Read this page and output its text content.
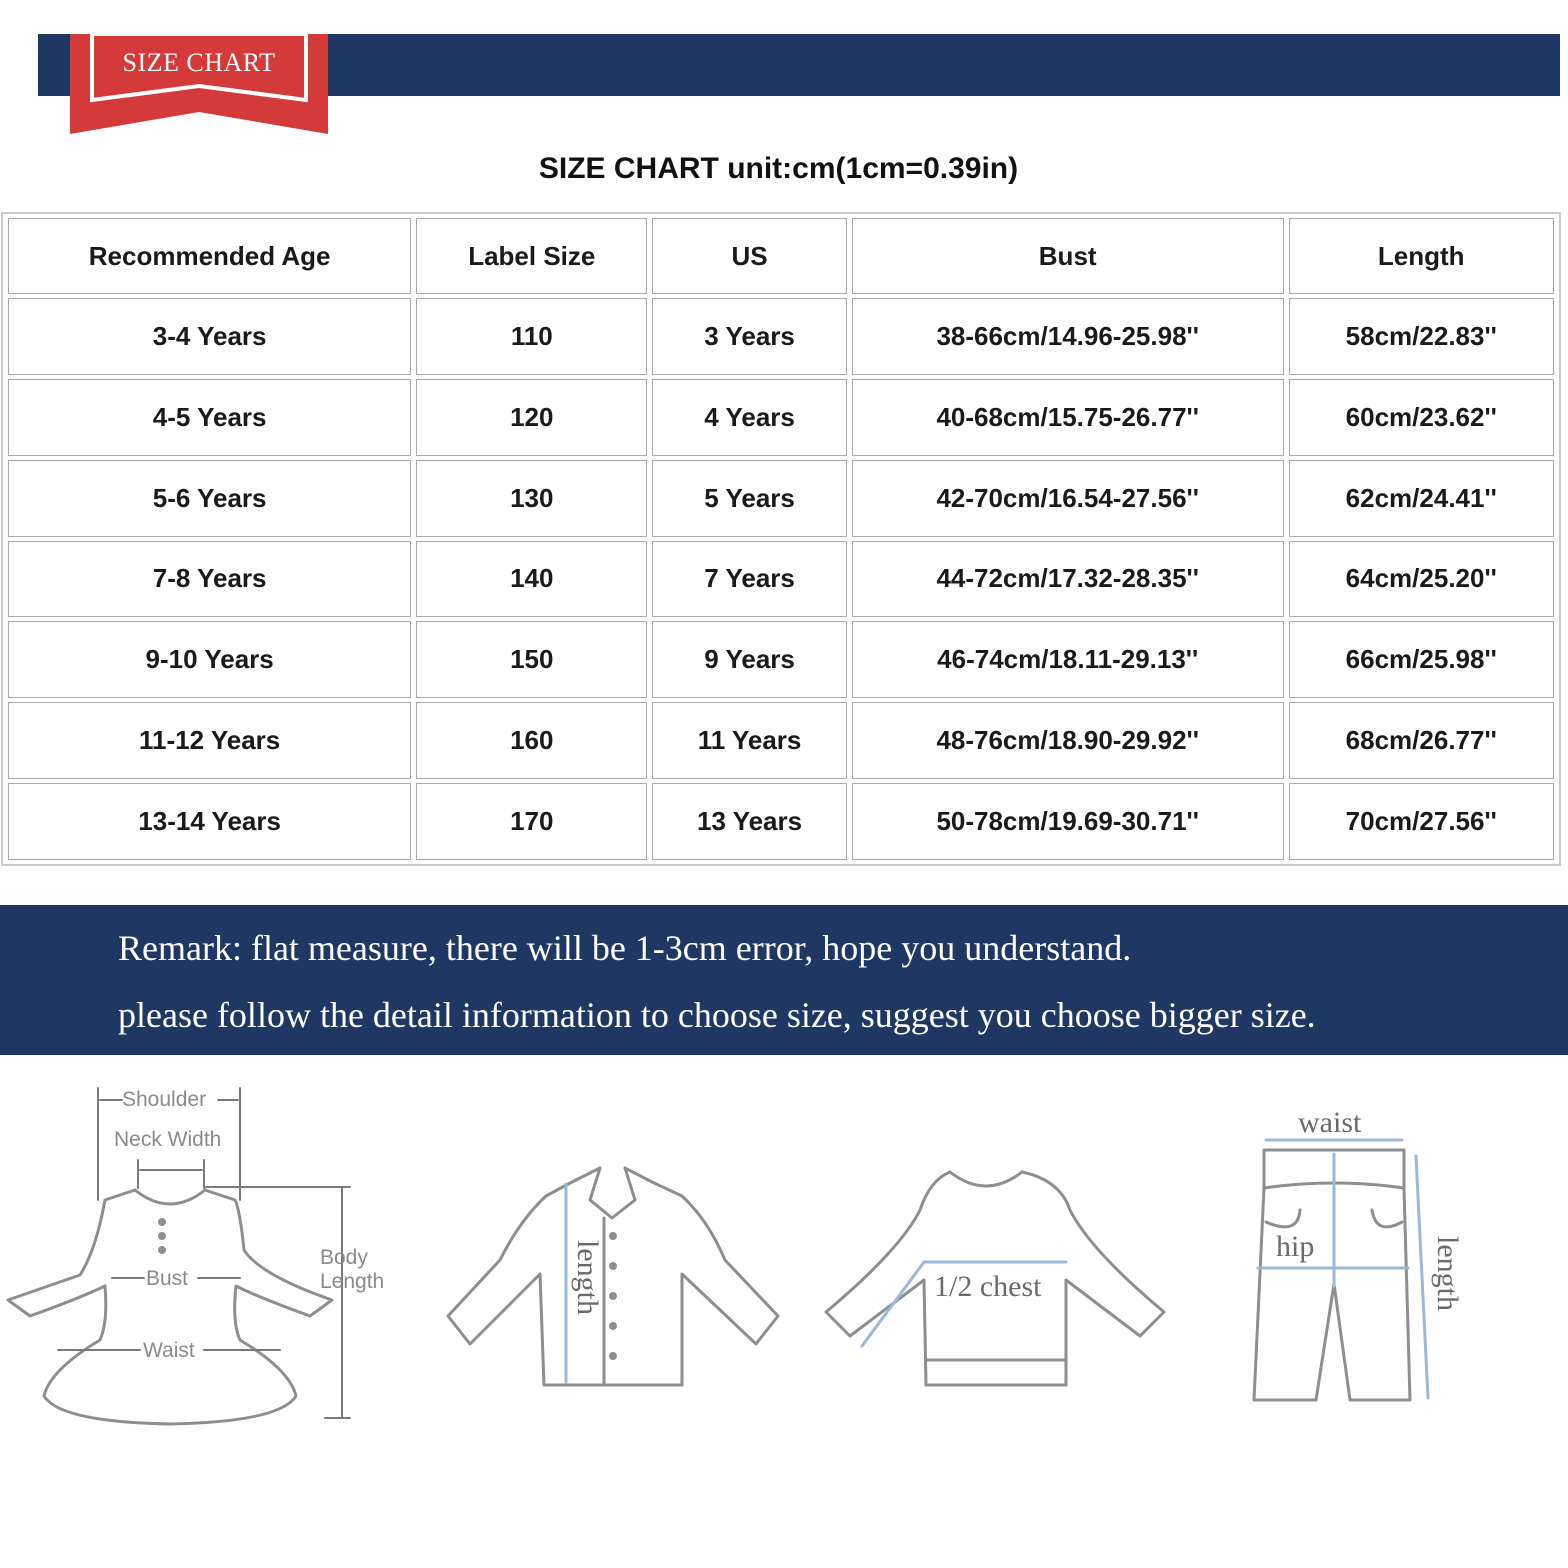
SIZE CHART
SIZE CHART unit:cm(1cm=0.39in)
Recommended Age	Label Size	US	Bust	Length
3-4 Years	110	3 Years	38-66cm/14.96-25.98''	58cm/22.83''
4-5 Years	120	4 Years	40-68cm/15.75-26.77''	60cm/23.62''
5-6 Years	130	5 Years	42-70cm/16.54-27.56''	62cm/24.41''
7-8 Years	140	7 Years	44-72cm/17.32-28.35''	64cm/25.20''
9-10 Years	150	9 Years	46-74cm/18.11-29.13''	66cm/25.98''
11-12 Years	160	11 Years	48-76cm/18.90-29.92''	68cm/26.77''
13-14 Years	170	13 Years	50-78cm/19.69-30.71''	70cm/27.56''
Remark: flat measure, there will be 1-3cm error, hope you understand.
please follow the detail information to choose size, suggest you choose bigger size.
Shoulder
Neck Width
Bust
Waist
Body
Length	length	1/2 chest
waist
hip	length
